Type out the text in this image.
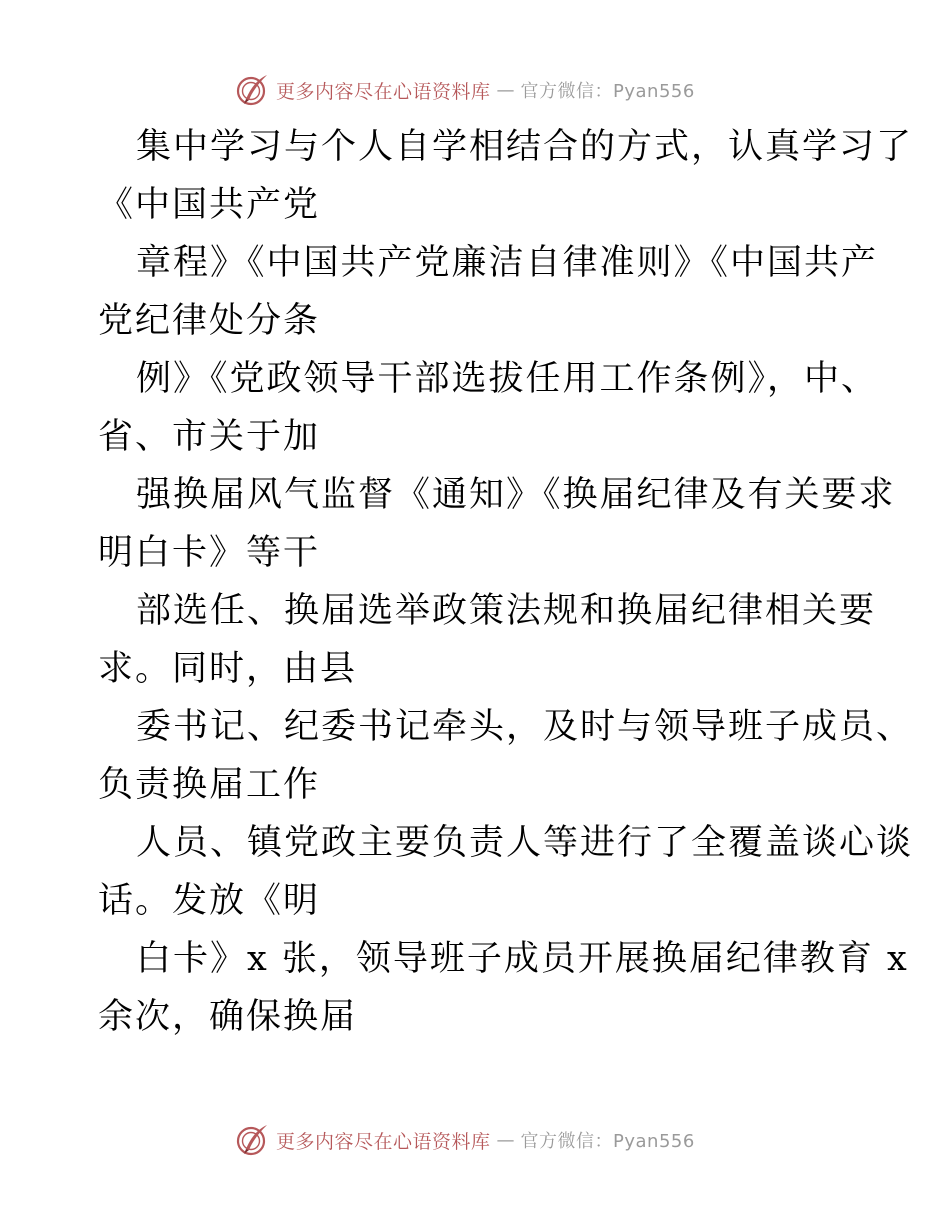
更多内容尽在心语资料库 — 官方微信：Pyan556
集中学习与个人自学相结合的方式，认真学习了
《中国共产党
章程》《中国共产党廉洁自律准则》《中国共产
党纪律处分条
例》《党政领导干部选拔任用工作条例》，中、
省、市关于加
强换届风气监督《通知》《换届纪律及有关要求
明白卡》等干
部选任、换届选举政策法规和换届纪律相关要
求。同时，由县
委书记、纪委书记牵头，及时与领导班子成员、
负责换届工作
人员、镇党政主要负责人等进行了全覆盖谈心谈
话。发放《明
白卡》x 张，领导班子成员开展换届纪律教育 x
余次，确保换届
更多内容尽在心语资料库 — 官方微信：Pyan556
